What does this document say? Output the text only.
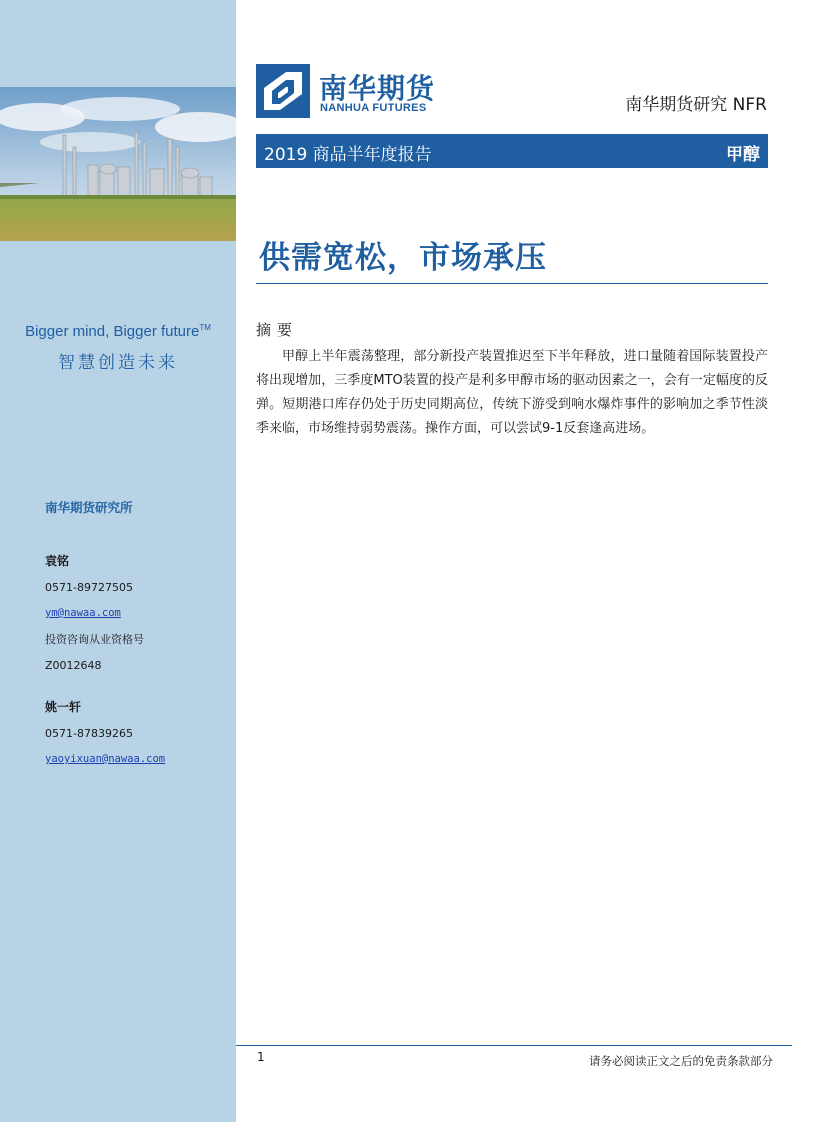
Bigger mind, Bigger future™
智慧创造未来
南华期货研究所
袁铭
0571-89727505
ym@nawaa.com
投资咨询从业资格号
Z0012648
姚一轩
0571-87839265
yaoyixuan@nawaa.com
南华期货
NANHUA FUTURES	南华期货研究 NFR
2019 商品半年度报告	甲醇
供需宽松，市场承压
摘要
甲醇上半年震荡整理，部分新投产装置推迟至下半年释放，进口量随着国际装置投产将出现增加，三季度MTO装置的投产是利多甲醇市场的驱动因素之一，会有一定幅度的反弹。短期港口库存仍处于历史同期高位，传统下游受到响水爆炸事件的影响加之季节性淡季来临，市场维持弱势震荡。操作方面，可以尝试9-1反套逢高进场。
1	请务必阅读正文之后的免责条款部分
